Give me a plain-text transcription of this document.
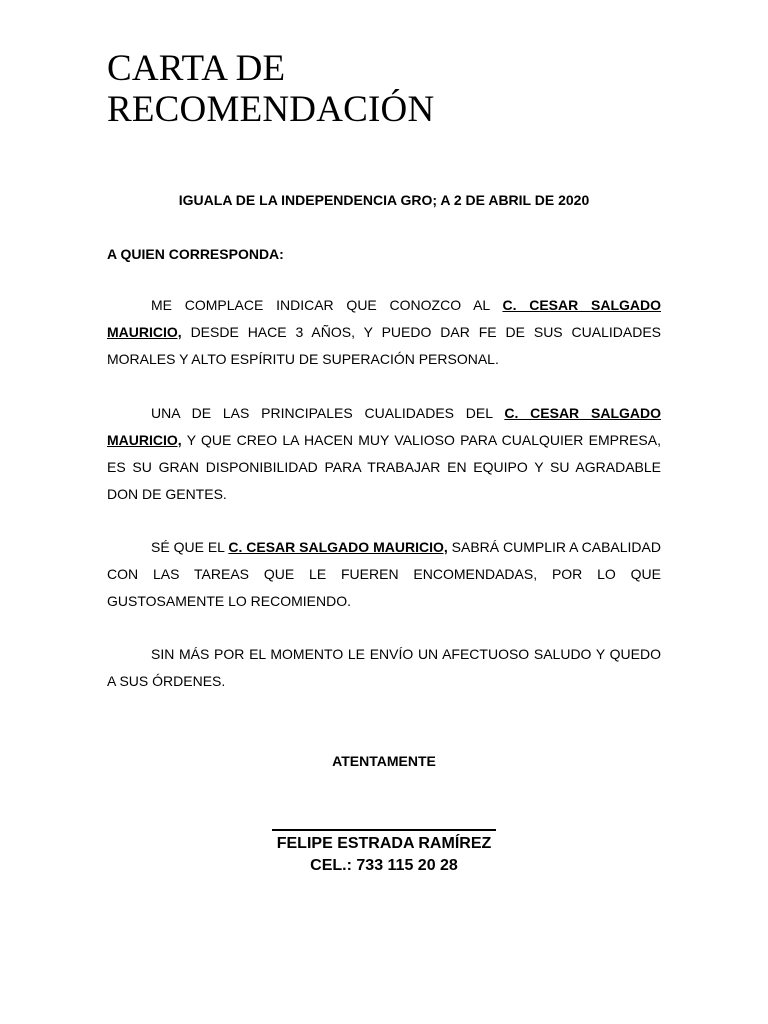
CARTA DE
RECOMENDACIÓN
IGUALA DE LA INDEPENDENCIA GRO; A 2 DE ABRIL DE 2020
A QUIEN CORRESPONDA:

ME COMPLACE INDICAR QUE CONOZCO AL C. CESAR SALGADO MAURICIO, DESDE HACE 3 AÑOS, Y PUEDO DAR FE DE SUS CUALIDADES MORALES Y ALTO ESPÍRITU DE SUPERACIÓN PERSONAL.

UNA DE LAS PRINCIPALES CUALIDADES DEL C. CESAR SALGADO MAURICIO, Y QUE CREO LA HACEN MUY VALIOSO PARA CUALQUIER EMPRESA, ES SU GRAN DISPONIBILIDAD PARA TRABAJAR EN EQUIPO Y SU AGRADABLE DON DE GENTES.

SÉ QUE EL C. CESAR SALGADO MAURICIO, SABRÁ CUMPLIR A CABALIDAD CON LAS TAREAS QUE LE FUEREN ENCOMENDADAS, POR LO QUE GUSTOSAMENTE LO RECOMIENDO.

SIN MÁS POR EL MOMENTO LE ENVÍO UN AFECTUOSO SALUDO Y QUEDO A SUS ÓRDENES.

ATENTAMENTE
FELIPE ESTRADA RAMÍREZ
CEL.: 733 115 20 28
